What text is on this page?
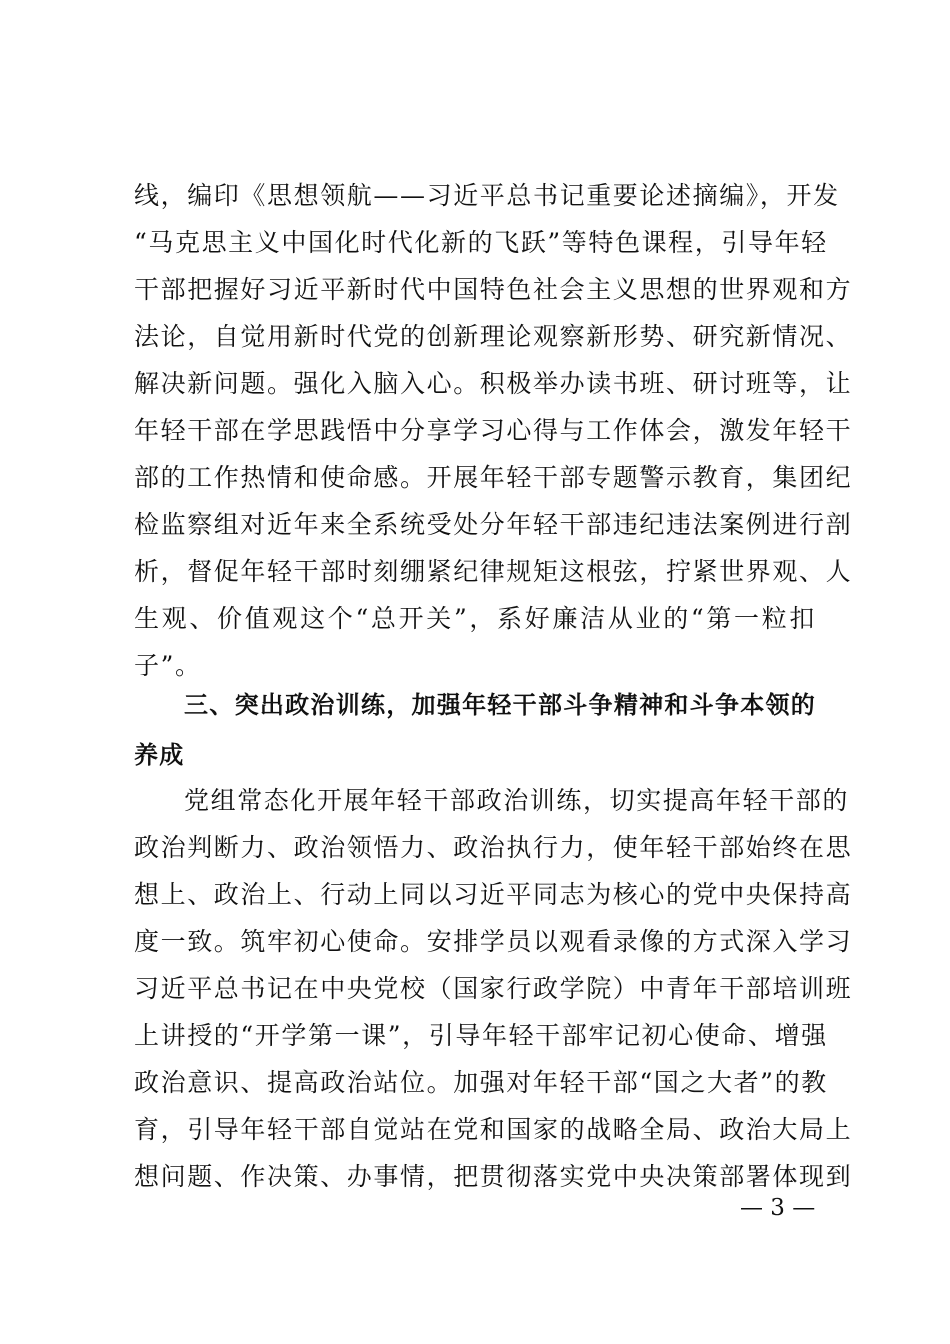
线，编印《思想领航——习近平总书记重要论述摘编》，开发
“马克思主义中国化时代化新的飞跃”等特色课程，引导年轻
干部把握好习近平新时代中国特色社会主义思想的世界观和方
法论，自觉用新时代党的创新理论观察新形势、研究新情况、
解决新问题。强化入脑入心。积极举办读书班、研讨班等，让
年轻干部在学思践悟中分享学习心得与工作体会，激发年轻干
部的工作热情和使命感。开展年轻干部专题警示教育，集团纪
检监察组对近年来全系统受处分年轻干部违纪违法案例进行剖
析，督促年轻干部时刻绷紧纪律规矩这根弦，拧紧世界观、人
生观、价值观这个“总开关”，系好廉洁从业的“第一粒扣
子”。
三、突出政治训练，加强年轻干部斗争精神和斗争本领的
养成
党组常态化开展年轻干部政治训练，切实提高年轻干部的
政治判断力、政治领悟力、政治执行力，使年轻干部始终在思
想上、政治上、行动上同以习近平同志为核心的党中央保持高
度一致。筑牢初心使命。安排学员以观看录像的方式深入学习
习近平总书记在中央党校（国家行政学院）中青年干部培训班
上讲授的“开学第一课”，引导年轻干部牢记初心使命、增强
政治意识、提高政治站位。加强对年轻干部“国之大者”的教
育，引导年轻干部自觉站在党和国家的战略全局、政治大局上
想问题、作决策、办事情，把贯彻落实党中央决策部署体现到
— 3 —
